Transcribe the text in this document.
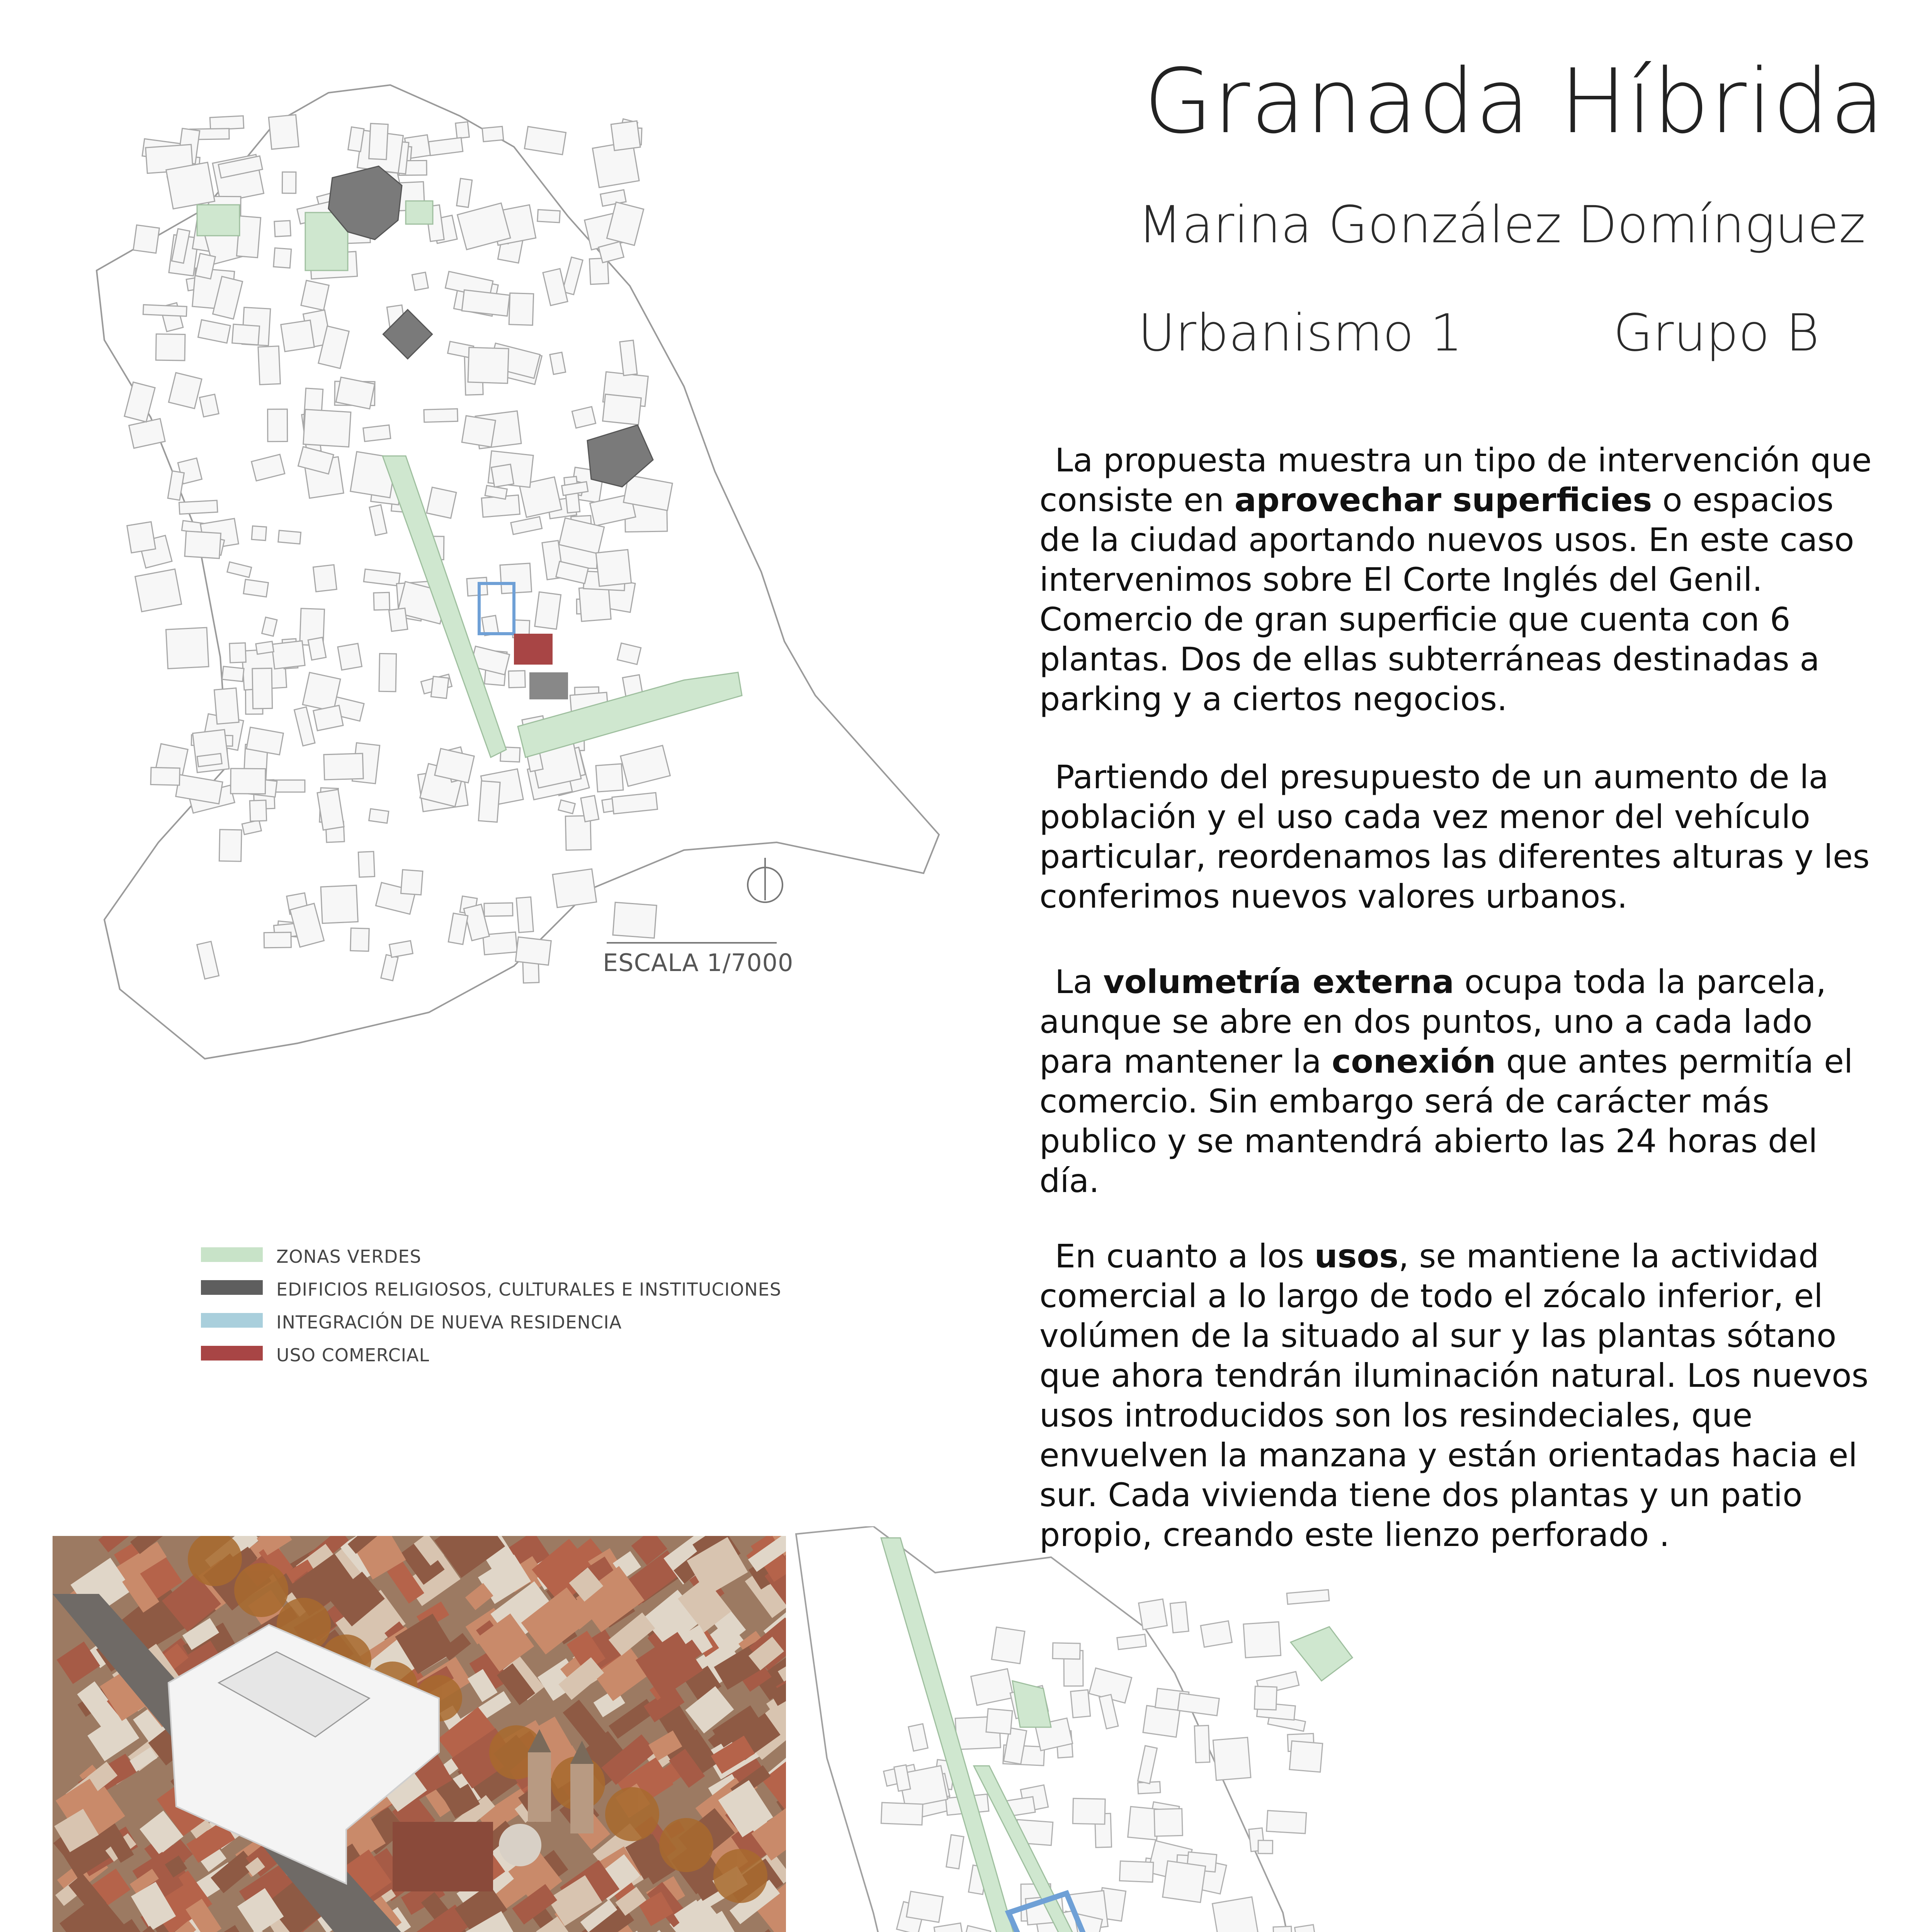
Granada Híbrida
Marina González Domínguez
Urbanismo 1	Grupo B
La propuesta muestra un tipo de intervención que consiste en aprovechar superficies o espacios de la ciudad aportando nuevos usos. En este caso intervenimos sobre El Corte Inglés del Genil. Comercio de gran superficie que cuenta con 6 plantas. Dos de ellas subterráneas destinadas a parking y a ciertos negocios.
Partiendo del presupuesto de un aumento de la población y el uso cada vez menor del vehículo particular, reordenamos las diferentes alturas y les conferimos nuevos valores urbanos.
La volumetría externa ocupa toda la parcela, aunque se abre en dos puntos, uno a cada lado para mantener la conexión que antes permitía el comercio. Sin embargo será de carácter más publico y se mantendrá abierto las 24 horas del día.
En cuanto a los usos, se mantiene la actividad comercial a lo largo de todo el zócalo inferior, el volúmen de la situado al sur y las plantas sótano que ahora tendrán iluminación natural. Los nuevos usos introducidos son los resindeciales, que envuelven la manzana y están orientadas hacia el sur. Cada vivienda tiene dos plantas y un patio propio, creando este lienzo perforado .
ZONAS VERDES
EDIFICIOS RELIGIOSOS, CULTURALES E INSTITUCIONES
INTEGRACIÓN DE NUEVA RESIDENCIA
USO COMERCIAL
ESCALA 1/7000
